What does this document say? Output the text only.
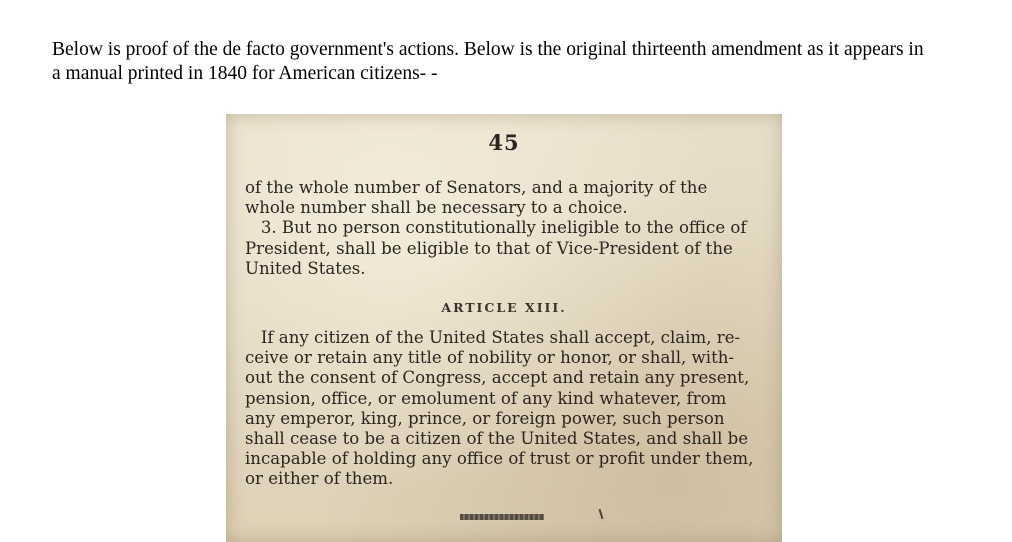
Below is proof of the de facto government's actions. Below is the original thirteenth amendment as it appears in
a manual printed in 1840 for American citizens- -

45
of the whole number of Senators, and a majority of the
whole number shall be necessary to a choice.
3. But no person constitutionally ineligible to the office of
President, shall be eligible to that of Vice-President of the
United States.
ARTICLE XIII.
If any citizen of the United States shall accept, claim, re-
ceive or retain any title of nobility or honor, or shall, with-
out the consent of Congress, accept and retain any present,
pension, office, or emolument of any kind whatever, from
any emperor, king, prince, or foreign power, such person
shall cease to be a citizen of the United States, and shall be
incapable of holding any office of trust or profit under them,
or either of them.
